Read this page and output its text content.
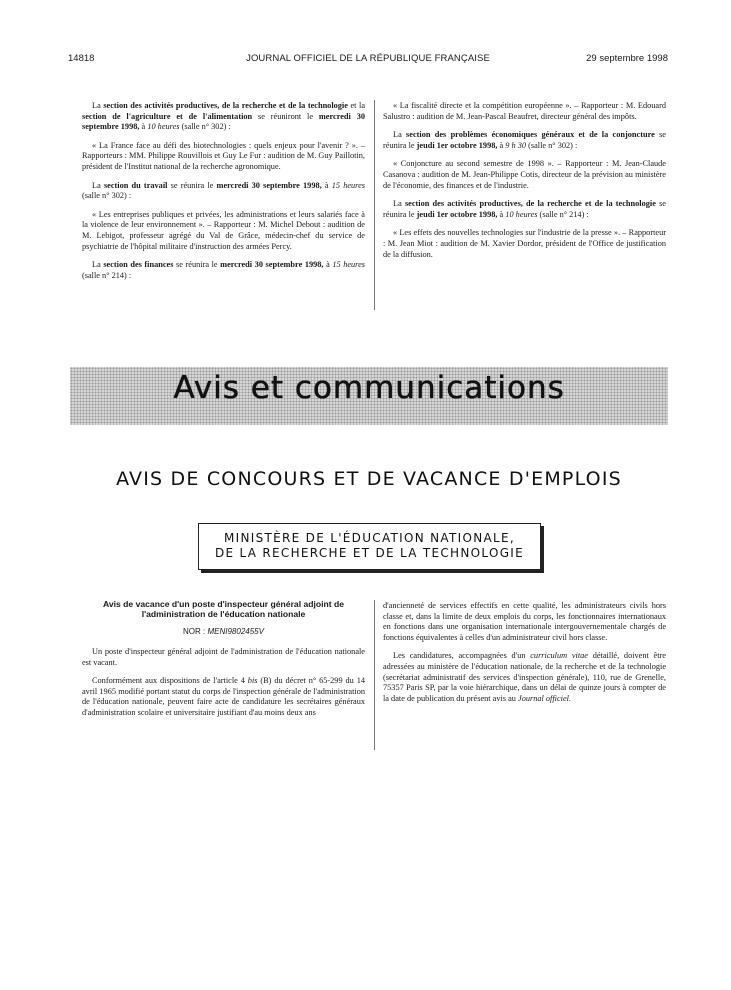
14818	JOURNAL OFFICIEL DE LA RÉPUBLIQUE FRANÇAISE	29 septembre 1998

La section des activités productives, de la recherche et de la technologie et la section de l'agriculture et de l'alimentation se réuniront le mercredi 30 septembre 1998, à 10 heures (salle n° 302) :

« La France face au défi des biotechnologies : quels enjeux pour l'avenir ? ». – Rapporteurs : MM. Philippe Rouvillois et Guy Le Fur : audition de M. Guy Paillotin, président de l'Institut national de la recherche agronomique.

La section du travail se réunira le mercredi 30 septembre 1998, à 15 heures (salle n° 302) :

« Les entreprises publiques et privées, les administrations et leurs salariés face à la violence de leur environnement ». – Rapporteur : M. Michel Debout : audition de M. Lebigot, professeur agrégé du Val de Grâce, médecin-chef du service de psychiatrie de l'hôpital militaire d'instruction des armées Percy.

La section des finances se réunira le mercredi 30 septembre 1998, à 15 heures (salle n° 214) :

« La fiscalité directe et la compétition européenne ». – Rapporteur : M. Edouard Salustro : audition de M. Jean-Pascal Beaufret, directeur général des impôts.

La section des problèmes économiques généraux et de la conjoncture se réunira le jeudi 1er octobre 1998, à 9 h 30 (salle n° 302) :

« Conjoncture au second semestre de 1998 ». – Rapporteur : M. Jean-Claude Casanova : audition de M. Jean-Philippe Cotis, directeur de la prévision au ministère de l'économie, des finances et de l'industrie.

La section des activités productives, de la recherche et de la technologie se réunira le jeudi 1er octobre 1998, à 10 heures (salle n° 214) :

« Les effets des nouvelles technologies sur l'industrie de la presse ». – Rapporteur : M. Jean Miot : audition de M. Xavier Dordor, président de l'Office de justification de la diffusion.

Avis et communications
AVIS DE CONCOURS ET DE VACANCE D'EMPLOIS
MINISTÈRE DE L'ÉDUCATION NATIONALE,
DE LA RECHERCHE ET DE LA TECHNOLOGIE
Avis de vacance d'un poste d'inspecteur général adjoint de l'administration de l'éducation nationale
NOR : MENI9802455V

Un poste d'inspecteur général adjoint de l'administration de l'éducation nationale est vacant.

Conformément aux dispositions de l'article 4 bis (B) du décret n° 65-299 du 14 avril 1965 modifié portant statut du corps de l'inspection générale de l'administration de l'éducation nationale, peuvent faire acte de candidature les secrétaires généraux d'administration scolaire et universitaire justifiant d'au moins deux ans

d'ancienneté de services effectifs en cette qualité, les administrateurs civils hors classe et, dans la limite de deux emplois du corps, les fonctionnaires internationaux en fonctions dans une organisation internationale intergouvernementale chargés de fonctions équivalentes à celles d'un administrateur civil hors classe.

Les candidatures, accompagnées d'un curriculum vitae détaillé, doivent être adressées au ministère de l'éducation nationale, de la recherche et de la technologie (secrétariat administratif des services d'inspection générale), 110, rue de Grenelle, 75357 Paris SP, par la voie hiérarchique, dans un délai de quinze jours à compter de la date de publication du présent avis au Journal officiel.
